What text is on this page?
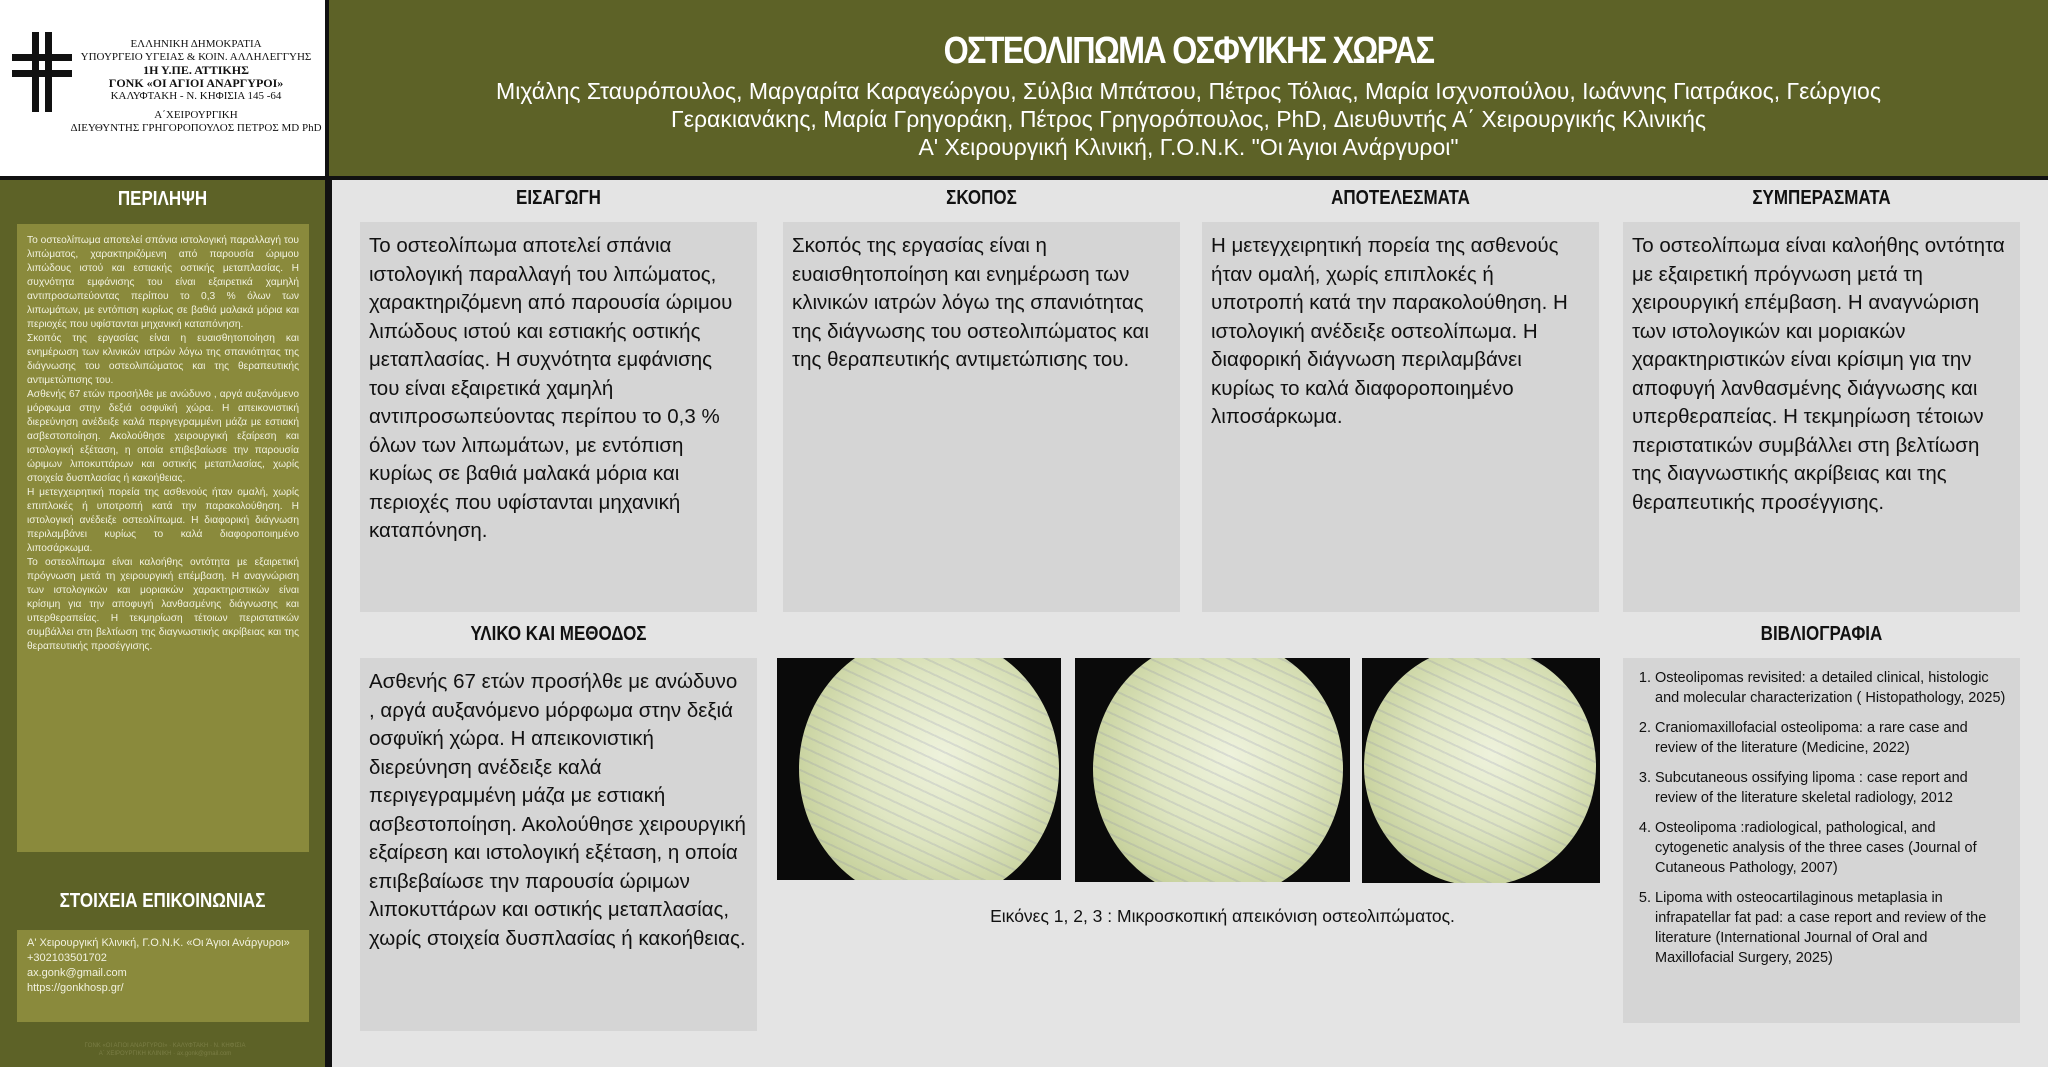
ΕΛΛΗΝΙΚΗ ΔΗΜΟΚΡΑΤΙΑ
ΥΠΟΥΡΓΕΙΟ ΥΓΕΙΑΣ & ΚΟΙΝ. ΑΛΛΗΛΕΓΓΥΗΣ
1Η Υ.ΠΕ. ΑΤΤΙΚΗΣ
ΓΟΝΚ «ΟΙ ΑΓΙΟΙ ΑΝΑΡΓΥΡΟΙ»
ΚΑΛΥΦΤΑΚΗ - Ν. ΚΗΦΙΣΙΑ 145 -64
Α΄ΧΕΙΡΟΥΡΓΙΚΗ
ΔΙΕΥΘΥΝΤΗΣ ΓΡΗΓΟΡΟΠΟΥΛΟΣ ΠΕΤΡΟΣ MD PhD
ΟΣΤΕΟΛΙΠΩΜΑ ΟΣΦΥΙΚΗΣ ΧΩΡΑΣ
Μιχάλης Σταυρόπουλος, Μαργαρίτα Καραγεώργου, Σύλβια Μπάτσου, Πέτρος Τόλιας, Μαρία Ισχνοπούλου, Ιωάννης Γιατράκος, Γεώργιος Γερακιανάκης, Μαρία Γρηγοράκη, Πέτρος Γρηγορόπουλος, PhD, Διευθυντής Α΄ Χειρουργικής Κλινικής
Α' Χειρουργική Κλινική, Γ.Ο.Ν.Κ. "Οι Άγιοι Ανάργυροι"
ΠΕΡΙΛΗΨΗ

Το οστεολίπωμα αποτελεί σπάνια ιστολογική παραλλαγή του λιπώματος, χαρακτηριζόμενη από παρουσία ώριμου λιπώδους ιστού και εστιακής οστικής μεταπλασίας. Η συχνότητα εμφάνισης του είναι εξαιρετικά χαμηλή αντιπροσωπεύοντας περίπου το 0,3 % όλων των λιπωμάτων, με εντόπιση κυρίως σε βαθιά μαλακά μόρια και περιοχές που υφίστανται μηχανική καταπόνηση.

Σκοπός της εργασίας είναι η ευαισθητοποίηση και ενημέρωση των κλινικών ιατρών λόγω της σπανιότητας της διάγνωσης του οστεολιπώματος και της θεραπευτικής αντιμετώπισης του.

Ασθενής 67 ετών προσήλθε με ανώδυνο , αργά αυξανόμενο μόρφωμα στην δεξιά οσφυϊκή χώρα. Η απεικονιστική διερεύνηση ανέδειξε καλά περιγεγραμμένη μάζα με εστιακή ασβεστοποίηση. Ακολούθησε χειρουργική εξαίρεση και ιστολογική εξέταση, η οποία επιβεβαίωσε την παρουσία ώριμων λιποκυττάρων και οστικής μεταπλασίας, χωρίς στοιχεία δυσπλασίας ή κακοήθειας.

Η μετεγχειρητική πορεία της ασθενούς ήταν ομαλή, χωρίς επιπλοκές ή υποτροπή κατά την παρακολούθηση. Η ιστολογική ανέδειξε οστεολίπωμα. Η διαφορική διάγνωση περιλαμβάνει κυρίως το καλά διαφοροποιημένο λιποσάρκωμα.

Το οστεολίπωμα είναι καλοήθης οντότητα με εξαιρετική πρόγνωση μετά τη χειρουργική επέμβαση. Η αναγνώριση των ιστολογικών και μοριακών χαρακτηριστικών είναι κρίσιμη για την αποφυγή λανθασμένης διάγνωσης και υπερθεραπείας. Η τεκμηρίωση τέτοιων περιστατικών συμβάλλει στη βελτίωση της διαγνωστικής ακρίβειας και της θεραπευτικής προσέγγισης.

ΣΤΟΙΧΕΙΑ ΕΠΙΚΟΙΝΩΝΙΑΣ
Α' Χειρουργική Κλινική, Γ.Ο.Ν.Κ. «Οι Άγιοι Ανάργυροι»
+302103501702
ax.gonk@gmail.com
https://gonkhosp.gr/
ΓΟΝΚ «ΟΙ ΑΓΙΟΙ ΑΝΑΡΓΥΡΟΙ» · ΚΑΛΥΦΤΑΚΗ · Ν. ΚΗΦΙΣΙΑ
Α΄ ΧΕΙΡΟΥΡΓΙΚΗ ΚΛΙΝΙΚΗ · ax.gonk@gmail.com
ΕΙΣΑΓΩΓΗ	ΣΚΟΠΟΣ	ΑΠΟΤΕΛΕΣΜΑΤΑ	ΣΥΜΠΕΡΑΣΜΑΤΑ
ΥΛΙΚΟ ΚΑΙ ΜΕΘΟΔΟΣ	ΒΙΒΛΙΟΓΡΑΦΙΑ
Το οστεολίπωμα αποτελεί σπάνια ιστολογική παραλλαγή του λιπώματος, χαρακτηριζόμενη από παρουσία ώριμου λιπώδους ιστού και εστιακής οστικής μεταπλασίας. Η συχνότητα εμφάνισης του είναι εξαιρετικά χαμηλή αντιπροσωπεύοντας περίπου το 0,3 % όλων των λιπωμάτων, με εντόπιση κυρίως σε βαθιά μαλακά μόρια και περιοχές που υφίστανται μηχανική καταπόνηση.
Σκοπός της εργασίας είναι η ευαισθητοποίηση και ενημέρωση των κλινικών ιατρών λόγω της σπανιότητας της διάγνωσης του οστεολιπώματος και της θεραπευτικής αντιμετώπισης του.
Η μετεγχειρητική πορεία της ασθενούς ήταν ομαλή, χωρίς επιπλοκές ή υποτροπή κατά την παρακολούθηση. Η ιστολογική ανέδειξε οστεολίπωμα. Η διαφορική διάγνωση περιλαμβάνει κυρίως το καλά διαφοροποιημένο λιποσάρκωμα.
Το οστεολίπωμα είναι καλοήθης οντότητα με εξαιρετική πρόγνωση μετά τη χειρουργική επέμβαση. Η αναγνώριση των ιστολογικών και μοριακών χαρακτηριστικών είναι κρίσιμη για την αποφυγή λανθασμένης διάγνωσης και υπερθεραπείας. Η τεκμηρίωση τέτοιων περιστατικών συμβάλλει στη βελτίωση της διαγνωστικής ακρίβειας και της θεραπευτικής προσέγγισης.
Ασθενής 67 ετών προσήλθε με ανώδυνο , αργά αυξανόμενο μόρφωμα στην δεξιά οσφυϊκή χώρα. Η απεικονιστική διερεύνηση ανέδειξε καλά περιγεγραμμένη μάζα με εστιακή ασβεστοποίηση. Ακολούθησε χειρουργική εξαίρεση και ιστολογική εξέταση, η οποία επιβεβαίωσε την παρουσία ώριμων λιποκυττάρων και οστικής μεταπλασίας, χωρίς στοιχεία δυσπλασίας ή κακοήθειας.
Εικόνες 1, 2, 3 : Μικροσκοπική απεικόνιση οστεολιπώματος.
1. Osteolipomas revisited: a detailed clinical, histologic and molecular characterization ( Histopathology, 2025)
2. Craniomaxillofacial osteolipoma: a rare case and review of the literature (Medicine, 2022)
3. Subcutaneous ossifying lipoma : case report and review of the literature skeletal radiology, 2012
4. Osteolipoma :radiological, pathological, and cytogenetic analysis of the three cases (Journal of Cutaneous Pathology, 2007)
5. Lipoma with osteocartilaginous metaplasia in infrapatellar fat pad: a case report and review of the literature (International Journal of Oral and Maxillofacial Surgery, 2025)
